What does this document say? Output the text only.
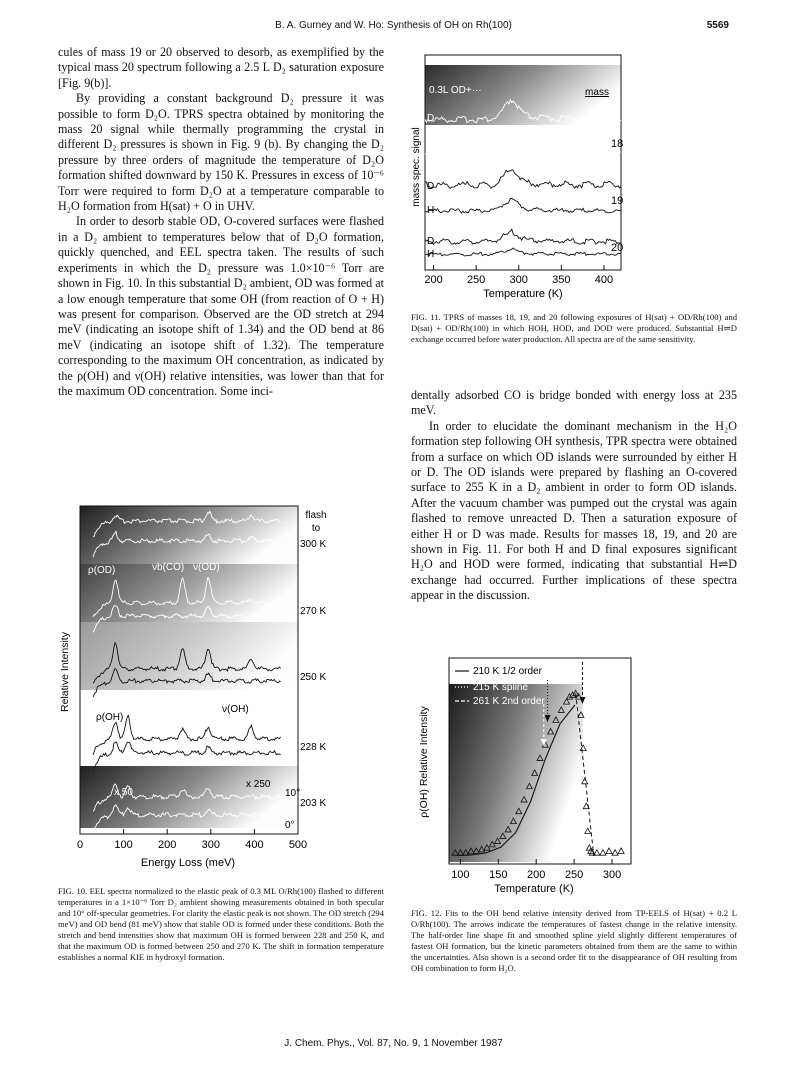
B. A. Gurney and W. Ho: Synthesis of OH on Rh(100)	5569

cules of mass 19 or 20 observed to desorb, as exemplified by the typical mass 20 spectrum following a 2.5 L D₂ saturation exposure [Fig. 9(b)].

By providing a constant background D₂ pressure it was possible to form D₂O. TPRS spectra obtained by monitoring the mass 20 signal while thermally programming the crystal in different D₂ pressures is shown in Fig. 9 (b). By changing the D₂ pressure by three orders of magnitude the temperature of D₂O formation shifted downward by 150 K. Pressures in excess of 10⁻⁶ Torr were required to form D₂O at a temperature comparable to H₂O formation from H(sat) + O in UHV.

In order to desorb stable OD, O-covered surfaces were flashed in a D₂ ambient to temperatures below that of D₂O formation, quickly quenched, and EEL spectra taken. The results of such experiments in which the D₂ pressure was 1.0×10⁻⁶ Torr are shown in Fig. 10. In this substantial D₂ ambient, OD was formed at a low enough temperature that some OH (from reaction of O + H) was present for comparison. Observed are the OD stretch at 294 meV (indicating an isotope shift of 1.34) and the OD bend at 86 meV (indicating an isotope shift of 1.32). The temperature corresponding to the maximum OH concentration, as indicated by the ρ(OH) and ν(OH) relative intensities, was lower than that for the maximum OD concentration. Some inci-	dentally adsorbed CO is bridge bonded with energy loss at 235 meV.

In order to elucidate the dominant mechanism in the H₂O formation step following OH synthesis, TPR spectra were obtained from a surface on which OD islands were surrounded by either H or D. The OD islands were prepared by flashing an O-covered surface to 255 K in a D₂ ambient in order to form OD islands. After the vacuum chamber was pumped out the crystal was again flashed to remove unreacted D. Then a saturation exposure of either H or D was made. Results for masses 18, 19, and 20 are shown in Fig. 11. For both H and D final exposures significant H₂O and HOD were formed, indicating that substantial H⇌D exchange had occurred. Further implications of these spectra appear in the discussion.

0.3L OD+···	mass
D
H
D
H
D
H
18
19
20
mass spec. signal
200 250 300 350 400
Temperature (K)
FIG. 11. TPRS of masses 18, 19, and 20 following exposures of H(sat) + OD/Rh(100) and D(sat) + OD/Rh(100) in which HOH, HOD, and DOD were produced. Substantial H⇌D exchange occurred before water production. All spectra are of the same sensitivity.
flash
to
300 K
270 K
250 K
228 K
203 K
ρ(OD)	νb(CO) ν(OD)
ρ(OH)
ν(OH)
x 50
x 250
10°
0°
Relative Intensity
0	100 200 300 400 500
Energy Loss (meV)
FIG. 10. EEL spectra normalized to the elastic peak of 0.3 ML O/Rh(100) flashed to different temperatures in a 1×10⁻⁶ Torr D₂ ambient showing measurements obtained in both specular and 10° off-specular geometries. For clarity the elastic peak is not shown. The OD stretch (294 meV) and OD bend (81 meV) show that stable OD is formed under these conditions. Both the stretch and bend intensities show that maximum OH is formed between 228 and 250 K, and that the maximum OD is formed between 250 and 270 K. The shift in formation temperature establishes a normal KIE in hydroxyl formation.
210 K 1/2 order
215 K spline
261 K 2nd order
ρ(OH) Relative Intensity
100 150 200 250 300
Temperature (K)
FIG. 12. Fits to the OH bend relative intensity derived from TP-EELS of H(sat) + 0.2 L O/Rh(100). The arrows indicate the temperatures of fastest change in the relative intensity. The half-order line shape fit and smoothed spline yield slightly different temperatures of fastest OH formation, but the kinetic parameters obtained from them are the same to within the uncertainties. Also shown is a second order fit to the disappearance of OH resulting from OH combination to form H₂O.
J. Chem. Phys., Vol. 87, No. 9, 1 November 1987
